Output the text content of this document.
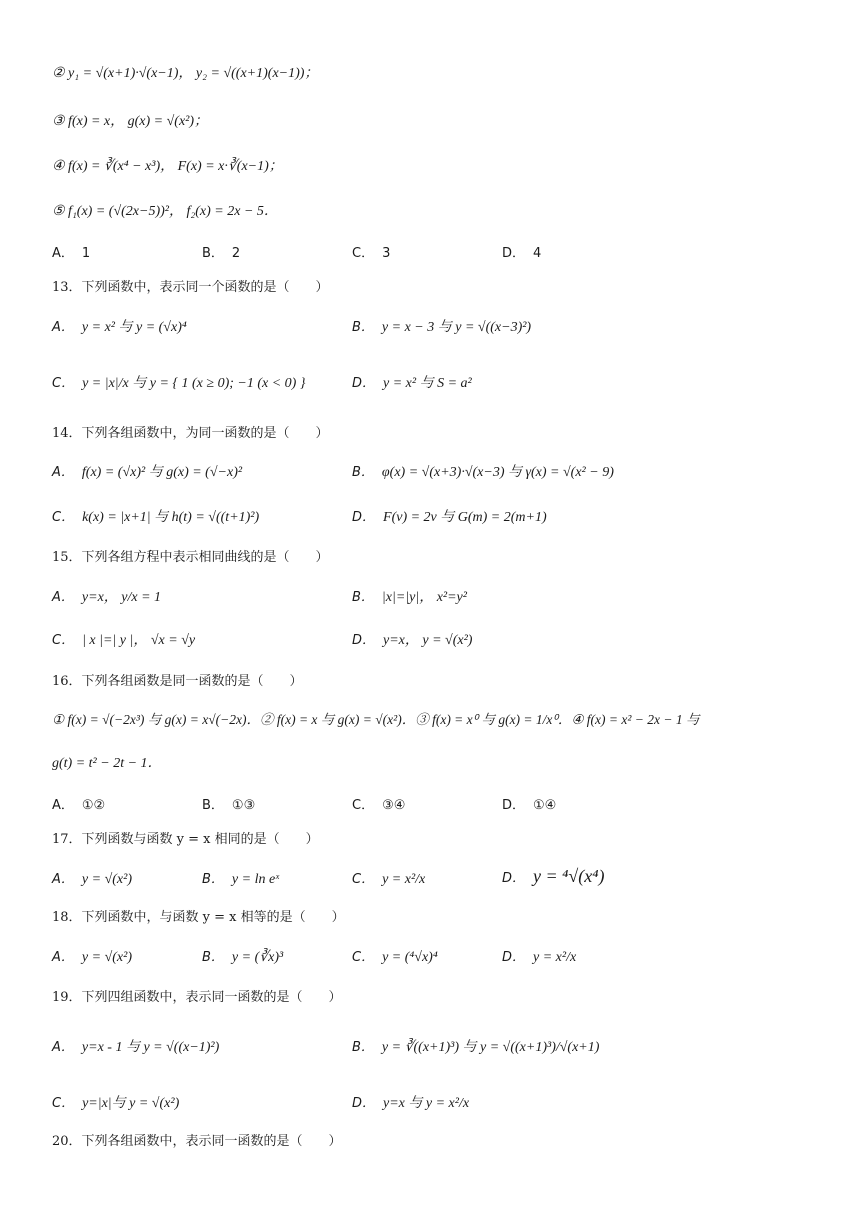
② y₁ = √(x+1)·√(x−1)， y₂ = √((x+1)(x−1))；
③ f(x) = x， g(x) = √(x²)；
④ f(x) = ∛(x⁴ − x³)， F(x) = x·∛(x−1)；
⑤ f₁(x) = (√(2x−5))²， f₂(x) = 2x − 5．
A． 1	B． 2	C． 3	D． 4
13．下列函数中，表示同一个函数的是（　　）
A． y = x² 与 y = (√x)⁴	B． y = x − 3 与 y = √((x−3)²)
C． y = |x|/x 与 y = { 1 (x ≥ 0); −1 (x < 0) }	D． y = x² 与 S = a²
14．下列各组函数中，为同一函数的是（　　）
A． f(x) = (√x)² 与 g(x) = (√−x)²	B． φ(x) = √(x+3)·√(x−3) 与 γ(x) = √(x² − 9)
C． k(x) = |x+1| 与 h(t) = √((t+1)²)	D． F(v) = 2v 与 G(m) = 2(m+1)
15．下列各组方程中表示相同曲线的是（　　）
A． y=x， y/x = 1	B． |x|=|y|， x²=y²
C． | x |=| y |， √x = √y	D． y=x， y = √(x²)
16．下列各组函数是同一函数的是（　　）
① f(x) = √(−2x³) 与 g(x) = x√(−2x)．② f(x) = x 与 g(x) = √(x²)．③ f(x) = x⁰ 与 g(x) = 1/x⁰．④ f(x) = x² − 2x − 1 与
g(t) = t² − 2t − 1．
A． ①②	B． ①③	C． ③④	D． ①④
17．下列函数与函数 y = x 相同的是（　　）
A． y = √(x²)	B． y = ln eˣ	C． y = x²/x	D． y = ⁴√(x⁴)
18．下列函数中，与函数 y = x 相等的是（　　）
A． y = √(x²)	B． y = (∛x)³	C． y = (⁴√x)⁴	D． y = x²/x
19．下列四组函数中，表示同一函数的是（　　）
A． y=x - 1 与 y = √((x−1)²)	B． y = ∛((x+1)³) 与 y = √((x+1)³)/√(x+1)
C． y=|x|与 y = √(x²)	D． y=x 与 y = x²/x
20．下列各组函数中，表示同一函数的是（　　）
